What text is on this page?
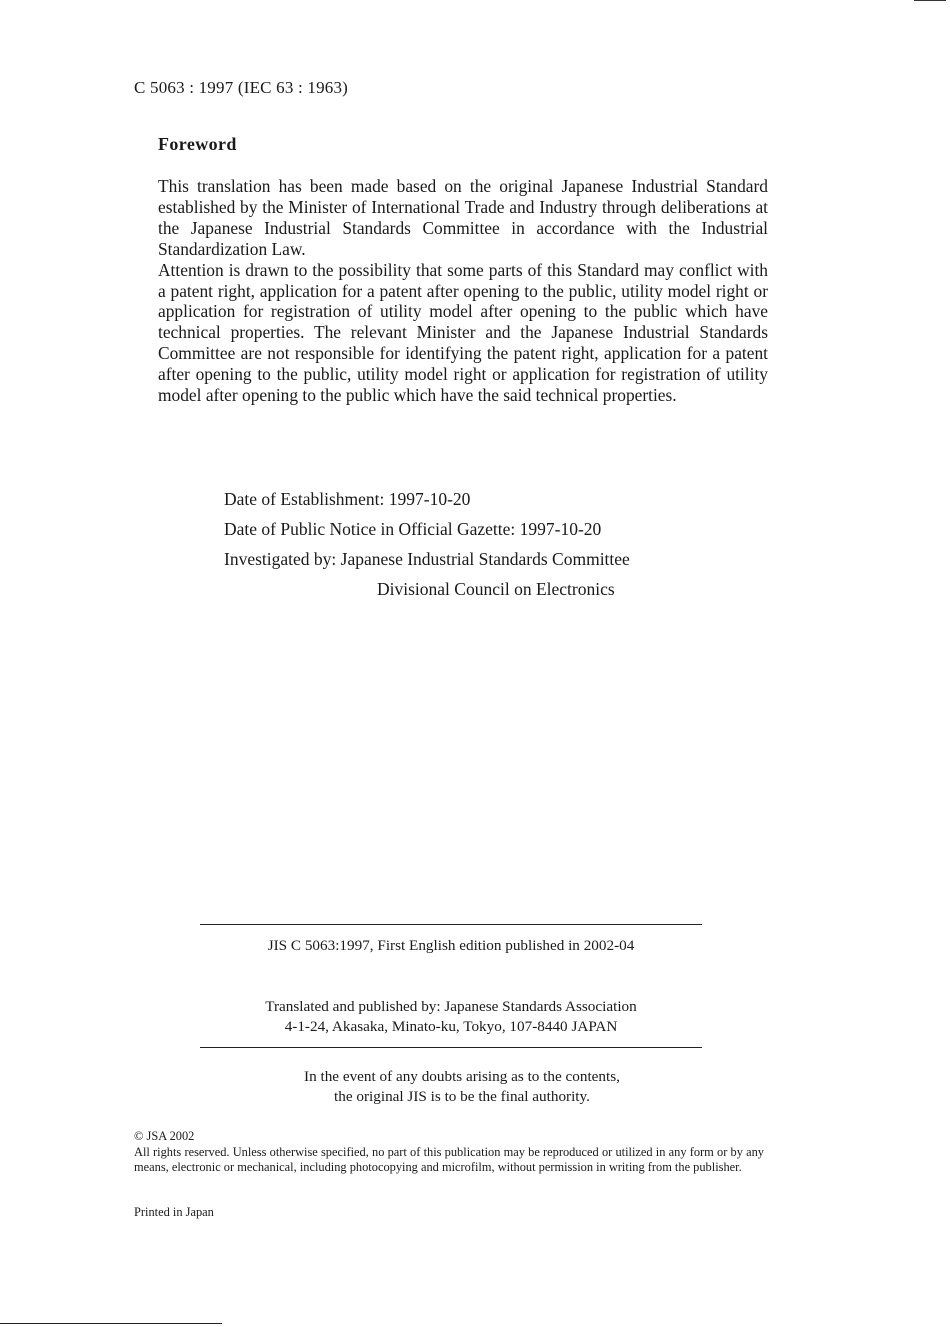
C 5063 : 1997 (IEC 63 : 1963)
Foreword

This translation has been made based on the original Japanese Industrial Standard established by the Minister of International Trade and Industry through deliberations at the Japanese Industrial Standards Committee in accordance with the Industrial Standardization Law.

Attention is drawn to the possibility that some parts of this Standard may conflict with a patent right, application for a patent after opening to the public, utility model right or application for registration of utility model after opening to the public which have technical properties. The relevant Minister and the Japanese Industrial Standards Committee are not responsible for identifying the patent right, application for a patent after opening to the public, utility model right or application for registration of utility model after opening to the public which have the said technical properties.

Date of Establishment: 1997-10-20
Date of Public Notice in Official Gazette: 1997-10-20
Investigated by: Japanese Industrial Standards Committee
Divisional Council on Electronics
JIS C 5063:1997, First English edition published in 2002-04
Translated and published by: Japanese Standards Association
4-1-24, Akasaka, Minato-ku, Tokyo, 107-8440 JAPAN
In the event of any doubts arising as to the contents,
the original JIS is to be the final authority.
© JSA 2002
All rights reserved. Unless otherwise specified, no part of this publication may be reproduced or utilized in any form or by any means, electronic or mechanical, including photocopying and microfilm, without permission in writing from the publisher.
Printed in Japan
